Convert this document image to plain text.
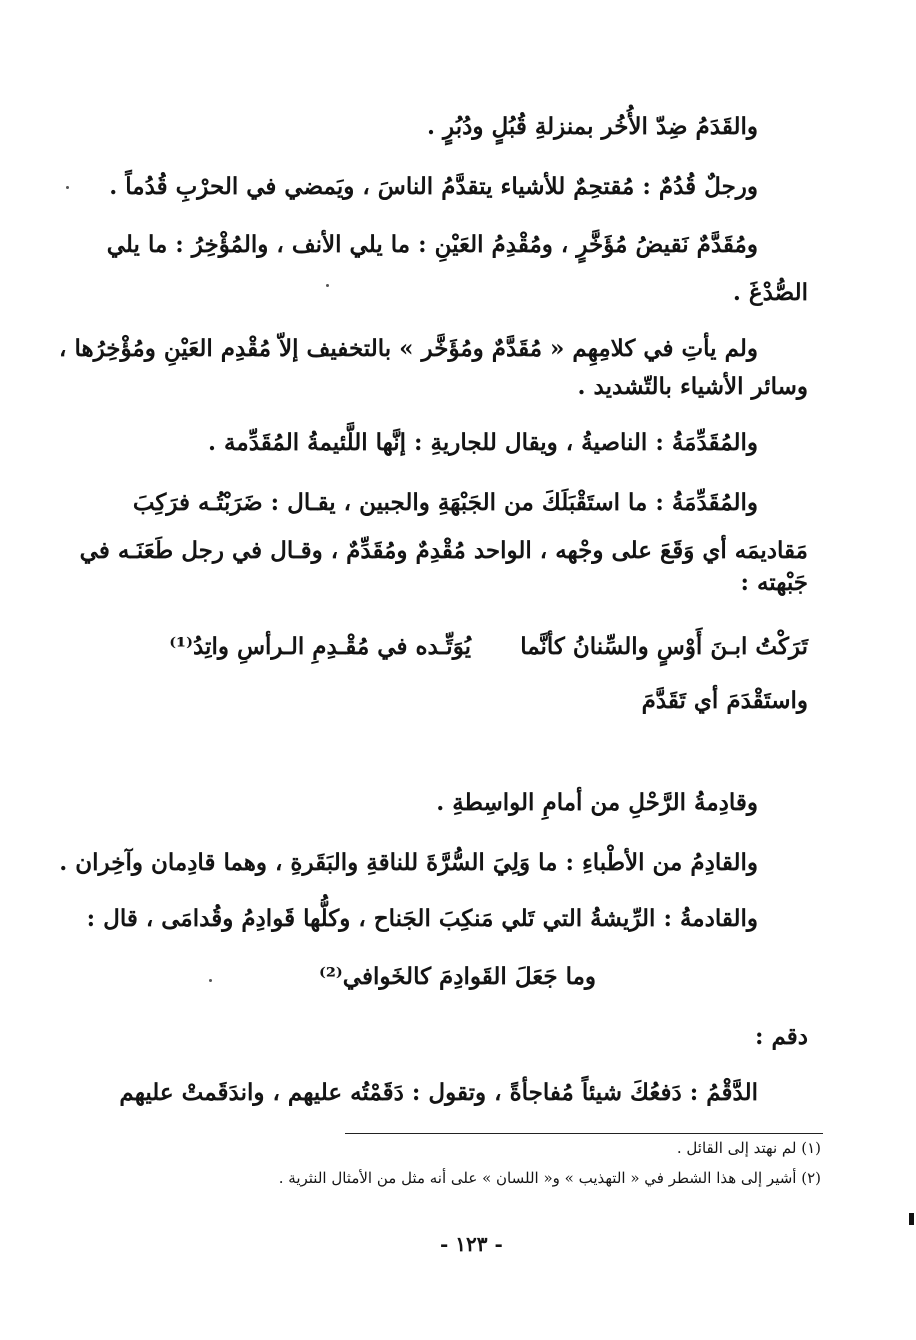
والقَدَمُ ضِدّ الأُخُر بمنزلةِ قُبُلٍ ودُبُرٍ .
ورجلٌ قُدُمٌ : مُقتحِمٌ للأشياء يتقدَّمُ الناسَ ، ويَمضي في الحرْبِ قُدُماً .
ومُقَدَّمٌ نَقيضُ مُؤَخَّرٍ ، ومُقْدِمُ العَيْنِ : ما يلي الأنف ، والمُؤْخِرُ : ما يلي
الصُّدْغَ .
ولم يأتِ في كلامِهِم « مُقَدَّمٌ ومُؤَخَّر » بالتخفيف إلاّ مُقْدِم العَيْنِ ومُؤْخِرُها ،
وسائر الأشياء بالتّشديد .
والمُقَدِّمَةُ : الناصيةُ ، ويقال للجاريةِ : إنَّها اللَّئيمةُ المُقَدِّمة .
والمُقَدِّمَةُ : ما استَقْبَلَكَ من الجَبْهَةِ والجبين ، يقـال : ضَرَبْتُـه فرَكِبَ
مَقاديمَه أي وَقَعَ على وجْهه ، الواحد مُقْدِمٌ ومُقَدِّمٌ ، وقـال في رجل طَعَنَـه في
جَبْهته :
تَرَكْتُ ابـنَ أَوْسٍ والسِّنانُ كأنَّما
يُوَتِّـده في مُقْـدِمِ الـرأسِ واتِدُ⁽¹⁾
واستَقْدَمَ أي تَقَدَّمَ
وقادِمةُ الرَّحْلِ من أمامِ الواسِطةِ .
والقادِمُ من الأطْباءِ : ما وَلِيَ السُّرَّةَ للناقةِ والبَقَرةِ ، وهما قادِمان وآخِران .
والقادمةُ : الرِّيشةُ التي تَلي مَنكِبَ الجَناح ، وكلُّها قَوادِمُ وقُدامَى ، قال :
وما جَعَلَ القَوادِمَ كالخَوافي⁽²⁾
دقم :
الدَّقْمُ : دَفعُكَ شيئاً مُفاجأةً ، وتقول : دَقَمْتُه عليهم ، واندَقَمتْ عليهم
(١) لم نهتد إلى القائل .
(٢) أشير إلى هذا الشطر في « التهذيب » و« اللسان » على أنه مثل من الأمثال النثرية .
- ١٢٣ -
